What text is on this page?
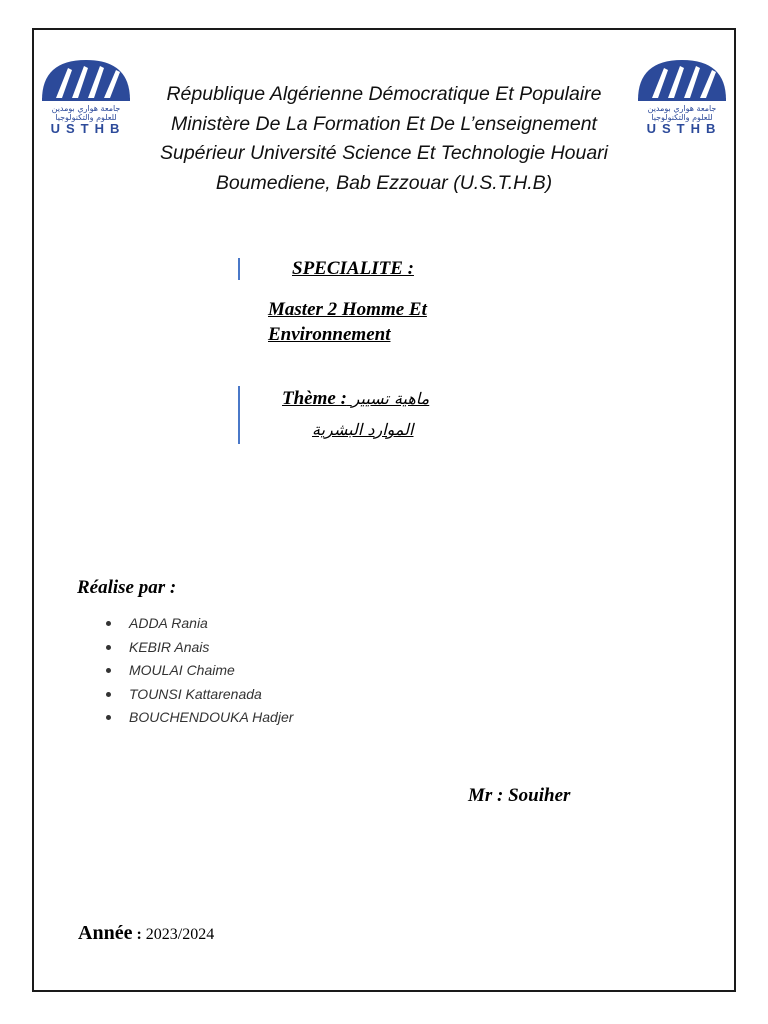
جامعة هواري بومدين
للعلوم والتكنولوجيا
USTHB
جامعة هواري بومدين
للعلوم والتكنولوجيا
USTHB
République Algérienne Démocratique Et Populaire
Ministère De La Formation Et De L’enseignement
Supérieur Université Science Et Technologie Houari
Boumediene, Bab Ezzouar (U.S.T.H.B)
SPECIALITE :
Master 2 Homme Et Environnement
Thème : ماهية تسيير
الموارد البشرية
Réalise par :
ADDA Rania
KEBIR Anais
MOULAI Chaime
TOUNSI Kattarenada
BOUCHENDOUKA Hadjer
Mr : Souiher
Année : 2023/2024
